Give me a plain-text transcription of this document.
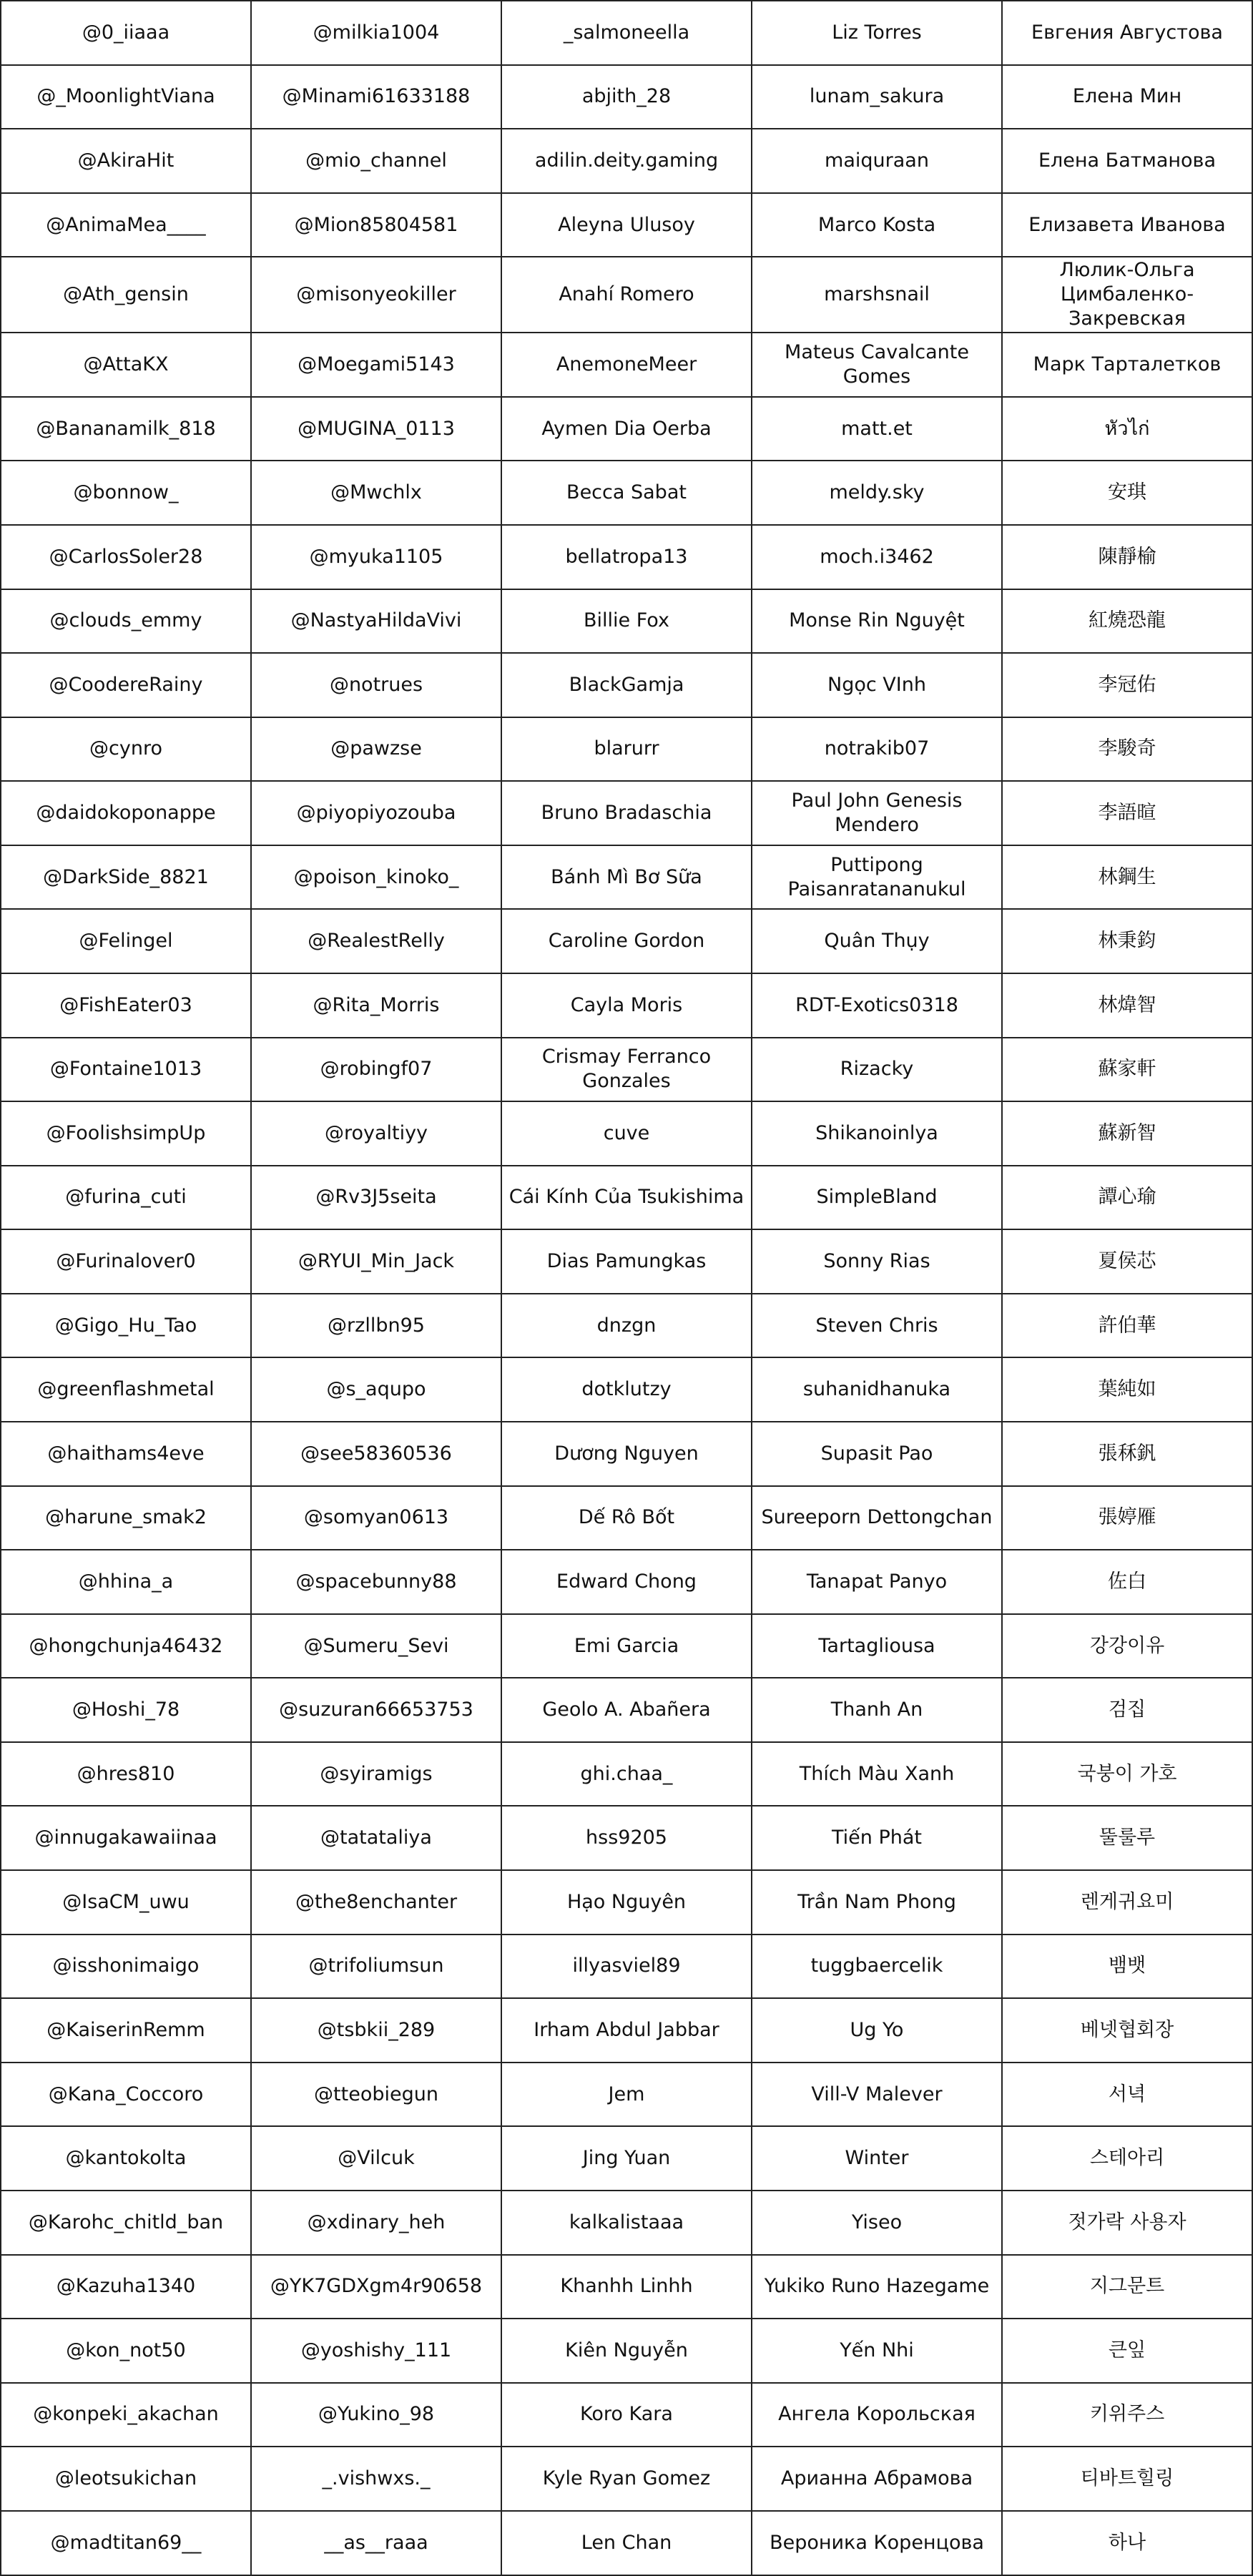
@0_iiaaa	@milkia1004	_salmoneella	Liz Torres	Евгения Августова
@_MoonlightViana	@Minami61633188	abjith_28	lunam_sakura	Елена Мин
@AkiraHit	@mio_channel	adilin.deity.gaming	maiquraan	Елена Батманова
@AnimaMea____	@Mion85804581	Aleyna Ulusoy	Marco Kosta	Елизавета Иванова
@Ath_gensin	@misonyeokiller	Anahí Romero	marshsnail	Люлик-Ольга Цимбаленко-Закревская
@AttaKX	@Moegami5143	AnemoneMeer	Mateus Cavalcante Gomes	Марк Тарталетков
@Bananamilk_818	@MUGINA_0113	Aymen Dia Oerba	matt.et	หัวไก่
@bonnow_	@Mwchlx	Becca Sabat	meldy.sky	安琪
@CarlosSoler28	@myuka1105	bellatropa13	moch.i3462	陳靜榆
@clouds_emmy	@NastyaHildaVivi	Billie Fox	Monse Rin Nguyệt	紅燒恐龍
@CoodereRainy	@notrues	BlackGamja	Ngọc VInh	李冠佑
@cynro	@pawzse	blarurr	notrakib07	李駿奇
@daidokoponappe	@piyopiyozouba	Bruno Bradaschia	Paul John Genesis Mendero	李語暄
@DarkSide_8821	@poison_kinoko_	Bánh Mì Bơ Sữa	Puttipong Paisanratananukul	林鋼生
@Felingel	@RealestRelly	Caroline Gordon	Quân Thụy	林秉鈞
@FishEater03	@Rita_Morris	Cayla Moris	RDT-Exotics0318	林煒智
@Fontaine1013	@robingf07	Crismay Ferranco Gonzales	Rizacky	蘇家軒
@FoolishsimpUp	@royaltiyy	cuve	Shikanoinlya	蘇新智
@furina_cuti	@Rv3J5seita	Cái Kính Của Tsukishima	SimpleBland	譚心瑜
@Furinalover0	@RYUI_Min_Jack	Dias Pamungkas	Sonny Rias	夏侯芯
@Gigo_Hu_Tao	@rzllbn95	dnzgn	Steven Chris	許伯華
@greenflashmetal	@s_aqupo	dotklutzy	suhanidhanuka	葉純如
@haithams4eve	@see58360536	Dương Nguyen	Supasit Pao	張秝釩
@harune_smak2	@somyan0613	Dế Rô Bốt	Sureeporn Dettongchan	張婷雁
@hhina_a	@spacebunny88	Edward Chong	Tanapat Panyo	佐白
@hongchunja46432	@Sumeru_Sevi	Emi Garcia	Tartagliousa	강강이유
@Hoshi_78	@suzuran66653753	Geolo A. Abañera	Thanh An	검집
@hres810	@syiramigs	ghi.chaa_	Thích Màu Xanh	국붕이 가호
@innugakawaiinaa	@tatataliya	hss9205	Tiến Phát	뚤룰루
@IsaCM_uwu	@the8enchanter	Hạo Nguyên	Trần Nam Phong	렌게귀요미
@isshonimaigo	@trifoliumsun	illyasviel89	tuggbaercelik	뱀뱃
@KaiserinRemm	@tsbkii_289	Irham Abdul Jabbar	Ug Yo	베넷협회장
@Kana_Coccoro	@tteobiegun	Jem	Vill-V Malever	서녁
@kantokolta	@Vilcuk	Jing Yuan	Winter	스테아리
@Karohc_chitld_ban	@xdinary_heh	kalkalistaaa	Yiseo	젓가락 사용자
@Kazuha1340	@YK7GDXgm4r90658	Khanhh Linhh	Yukiko Runo Hazegame	지그문트
@kon_not50	@yoshishy_111	Kiên Nguyễn	Yến Nhi	큰잎
@konpeki_akachan	@Yukino_98	Koro Kara	Ангела Корольская	키위주스
@leotsukichan	_.vishwxs._	Kyle Ryan Gomez	Арианна Абрамова	티바트힐링
@madtitan69__	__as__raaa	Len Chan	Вероника Коренцова	하나
